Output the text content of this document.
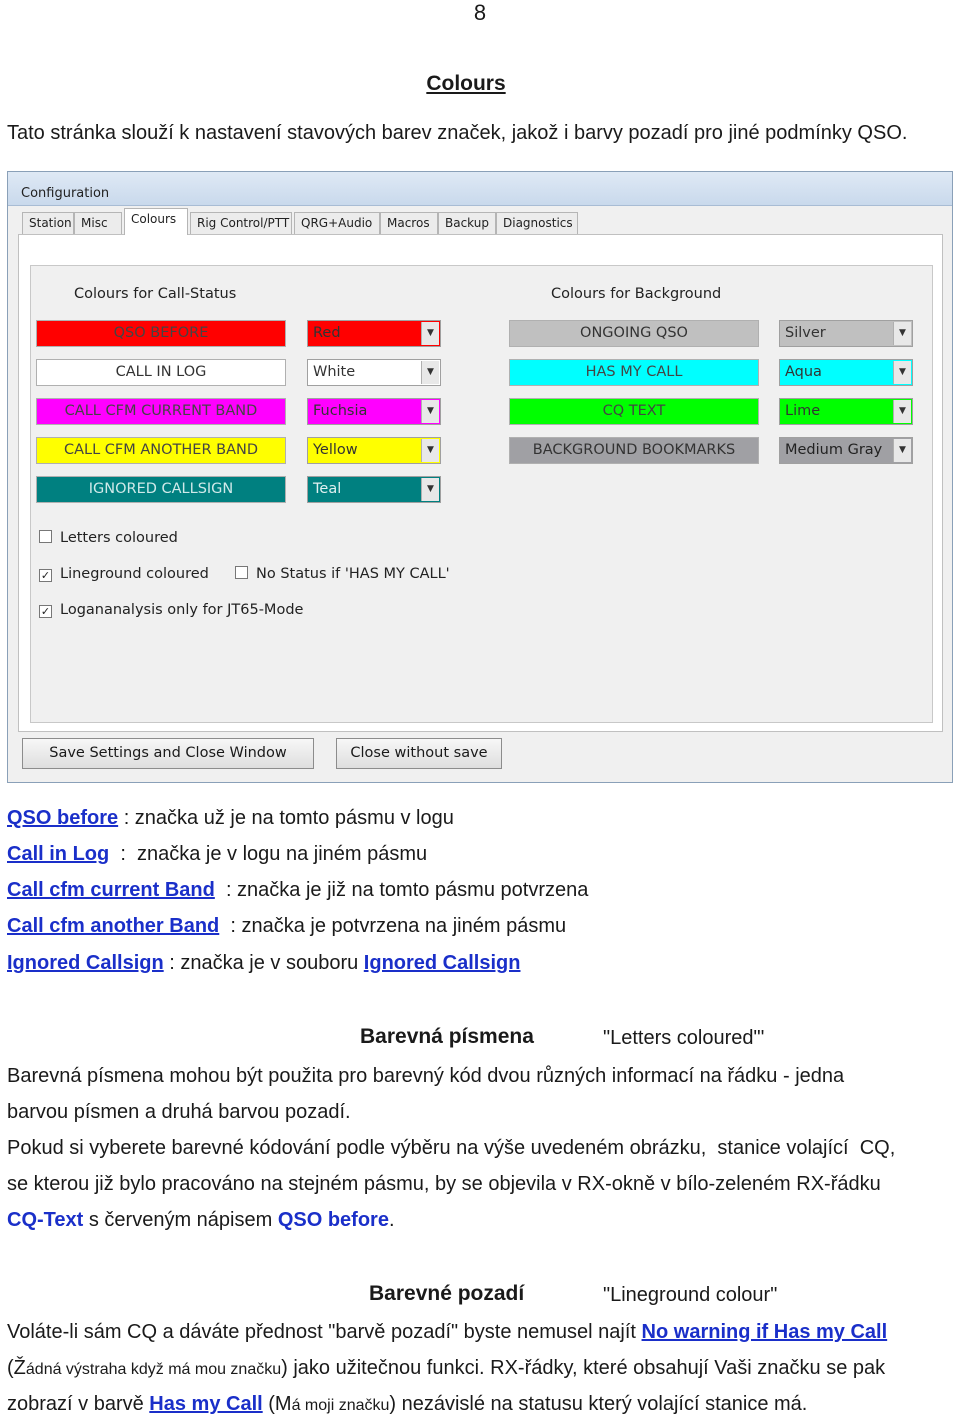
8
Colours
Tato stránka slouží k nastavení stavových barev značek, jakož i barvy pozadí pro jiné podmínky QSO.
Configuration
Station Misc	Colours	Rig Control/PTT QRG+Audio	Macros	Backup	Diagnostics
Colours for Call-Status
QSO BEFORE	Red	▼
CALL IN LOG	White	▼
CALL CFM CURRENT BAND	Fuchsia	▼
CALL CFM ANOTHER BAND	Yellow	▼
IGNORED CALLSIGN	Teal	▼
Colours for Background
ONGOING QSO	Silver	▼
HAS MY CALL	Aqua	▼
CQ TEXT	Lime	▼
BACKGROUND BOOKMARKS	Medium Gray	▼
Letters coloured
✓ Lineground coloured	No Status if 'HAS MY CALL'
✓ Logananalysis only for JT65-Mode
Save Settings and Close Window	Close without save
QSO before : značka už je na tomto pásmu v logu
Call in Log  :  značka je v logu na jiném pásmu
Call cfm current Band  : značka je již na tomto pásmu potvrzena
Call cfm another Band  : značka je potvrzena na jiném pásmu
Ignored Callsign : značka je v souboru Ignored Callsign
Barevná písmena	"Letters coloured"'
Barevná písmena mohou být použita pro barevný kód dvou různých informací na řádku - jedna
barvou písmen a druhá barvou pozadí.
Pokud si vyberete barevné kódování podle výběru na výše uvedeném obrázku,  stanice volající  CQ,
se kterou již bylo pracováno na stejném pásmu, by se objevila v RX-okně v bílo-zeleném RX-řádku
CQ-Text s červeným nápisem QSO before.
Barevné pozadí	"Lineground colour"
Voláte-li sám CQ a dáváte přednost "barvě pozadí" byste nemusel najít No warning if Has my Call
(Žádná výstraha když má mou značku) jako užitečnou funkci. RX-řádky, které obsahují Vaši značku se pak
zobrazí v barvě Has my Call (Má moji značku) nezávislé na statusu který volající stanice má.
